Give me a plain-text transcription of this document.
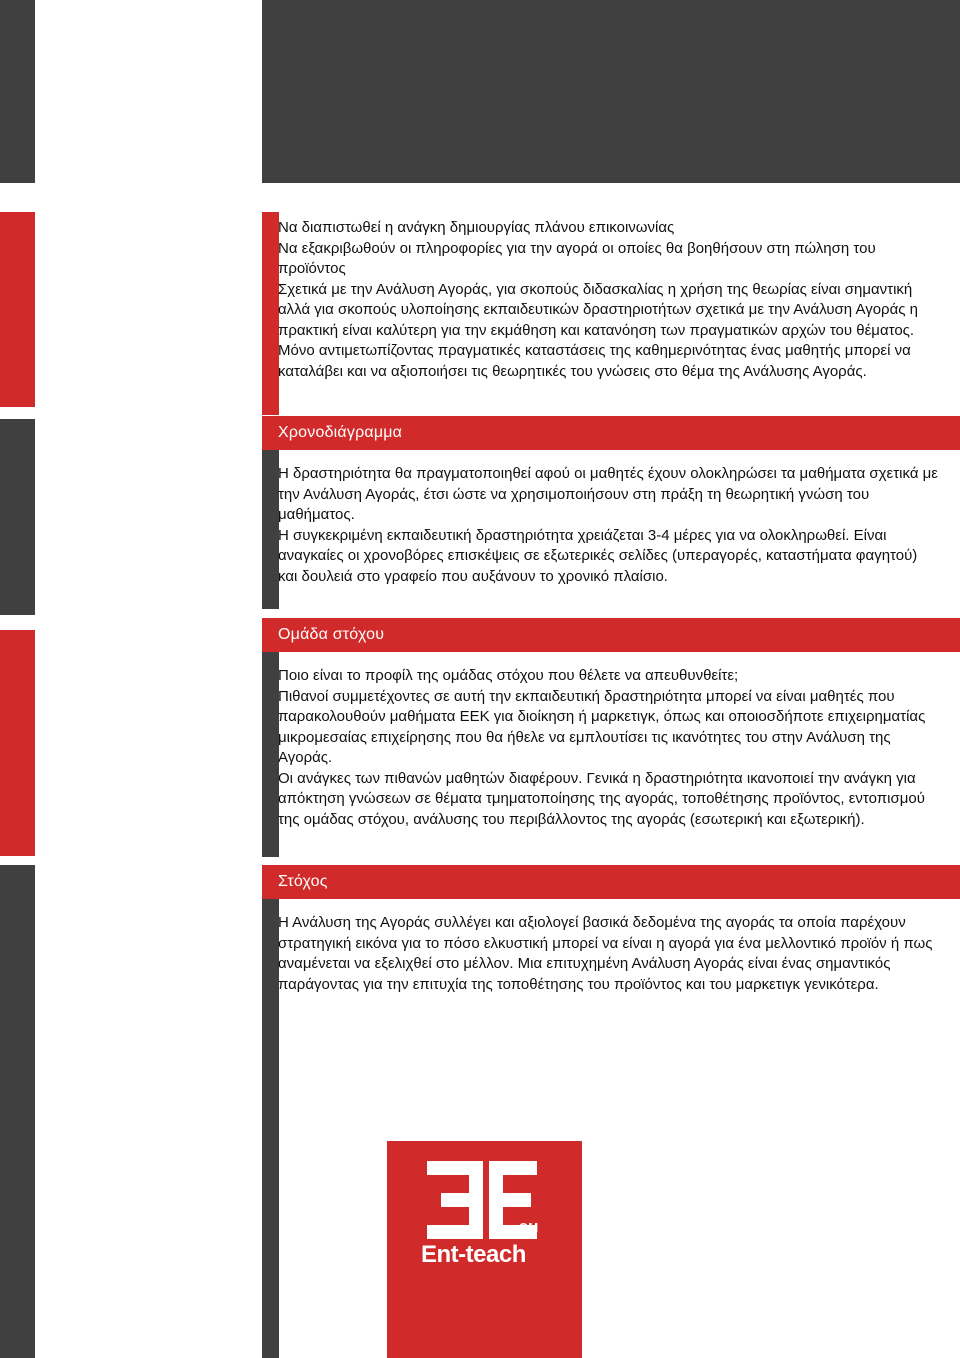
Να διαπιστωθεί η ανάγκη δημιουργίας πλάνου επικοινωνίας

Να εξακριβωθούν οι πληροφορίες για την αγορά οι οποίες θα βοηθήσουν στη πώληση του προϊόντος

Σχετικά με την Ανάλυση Αγοράς, για σκοπούς διδασκαλίας η χρήση της θεωρίας είναι σημαντική αλλά για σκοπούς υλοποίησης εκπαιδευτικών δραστηριοτήτων σχετικά με την Ανάλυση Αγοράς η πρακτική είναι καλύτερη για την εκμάθηση και κατανόηση των πραγματικών αρχών του θέματος. Μόνο αντιμετωπίζοντας πραγματικές καταστάσεις της καθημερινότητας ένας μαθητής μπορεί να καταλάβει και να αξιοποιήσει τις θεωρητικές του γνώσεις στο θέμα της Ανάλυσης Αγοράς.

Χρονοδιάγραμμα

Η δραστηριότητα θα πραγματοποιηθεί αφού οι μαθητές έχουν ολοκληρώσει τα μαθήματα σχετικά με την Ανάλυση Αγοράς, έτσι ώστε να χρησιμοποιήσουν στη πράξη τη θεωρητική γνώση του μαθήματος.

Η συγκεκριμένη εκπαιδευτική δραστηριότητα χρειάζεται 3-4 μέρες για να ολοκληρωθεί. Είναι αναγκαίες οι χρονοβόρες επισκέψεις σε εξωτερικές σελίδες (υπεραγορές, καταστήματα φαγητού) και δουλειά στο γραφείο που αυξάνουν το χρονικό πλαίσιο.

Ομάδα στόχου

Ποιο είναι το προφίλ της ομάδας στόχου που θέλετε να απευθυνθείτε;

Πιθανοί συμμετέχοντες σε αυτή την εκπαιδευτική δραστηριότητα μπορεί να είναι μαθητές που παρακολουθούν μαθήματα ΕΕΚ για διοίκηση ή μαρκετιγκ, όπως και οποιοσδήποτε επιχειρηματίας μικρομεσαίας επιχείρησης που θα ήθελε να εμπλουτίσει τις ικανότητες του στην Ανάλυση της Αγοράς.

Οι ανάγκες των πιθανών μαθητών διαφέρουν. Γενικά η δραστηριότητα ικανοποιεί την ανάγκη για απόκτηση γνώσεων σε θέματα τμηματοποίησης της αγοράς, τοποθέτησης προϊόντος, εντοπισμού της ομάδας στόχου, ανάλυσης του περιβάλλοντος της αγοράς (εσωτερική και εξωτερική).

Στόχος

Η Ανάλυση της Αγοράς συλλέγει και αξιολογεί βασικά δεδομένα της αγοράς τα οποία παρέχουν στρατηγική εικόνα για το πόσο ελκυστική μπορεί να είναι η αγορά για ένα μελλοντικό προϊόν ή πως αναμένεται να εξελιχθεί στο μέλλον. Μια επιτυχημένη Ανάλυση Αγοράς είναι ένας σημαντικός παράγοντας για την επιτυχία της τοποθέτησης του προϊόντος και του μαρκετιγκ γενικότερα.

.eu
Ent-teach
